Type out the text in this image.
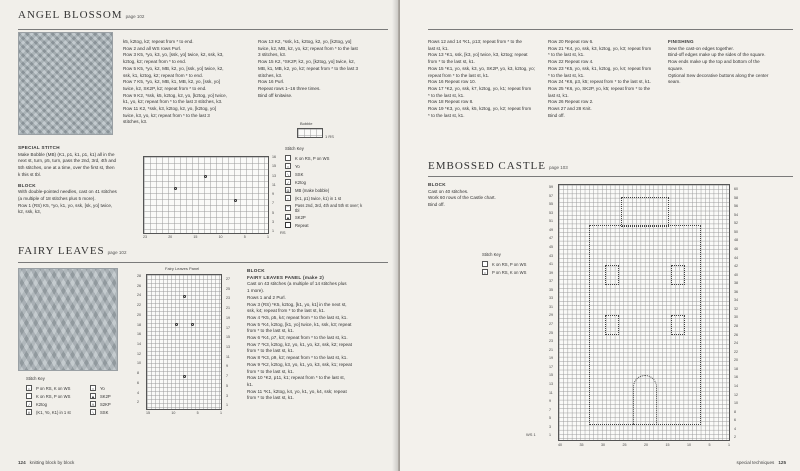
ANGEL BLOSSOM page 102

SPECIAL STITCH

Make Bobble (MB) (K1, p1, k1, p1, k1) all in the next st, turn, p5, turn, pass the 2nd, 3rd, 4th and 5th stitches, one at a time, over the first st, then k this st tbl.

BLOCK

With double-pointed needles, cast on 41 stitches (a multiple of 18 stitches plus 5 more).

Row 1 (RS) K5, *yo, k1, yo, ssk, [sk, yo] twice, k2, ssk, k3,

k5, k2tog, k2; repeat from * to end.

Row 2 and all WS rows Purl.

Row 3 K5, *yo, k3, yo, [ssk, yo] twice, k2, ssk, k3,

k2tog, k2; repeat from * to end.

Row 5 K5, *yo, k2, MB, k2, yo, [ssk, yo] twice, k2,

ssk, k1, k2tog, k2; repeat from * to end.

Row 7 K5, *yo, k2, MB, k1, MB, k2, yo, [ssk, yo]

twice, k2, SK2P, k2; repeat from * to end.

Row 9 K2, *ssk, k5, k2tog, k2, yo, [k2tog, yo] twice,

k1, yo, k2; repeat from * to the last 3 stitches, k3.

Row 11 K2, *ssk, k3, k2tog, k2, yo, [k2tog, yo]

twice, k3, yo, k2; repeat from * to the last 3

stitches, k3.

Row 13 K2, *ssk, k1, k2tog, k2, yo, [k2tog, yo]

twice, k2, MB, k2, yo, k2; repeat from * to the last

3 stitches, k3.

Row 15 K2, *SK2P, k2, yo, [k2tog, yo] twice, k2,

MB, k1, MB, k2, yo, k2; repeat from * to the last 3

stitches, k3.

Row 16 Purl.

Repeat rows 1–16 three times.

Bind off knitwise.

16
15
13
11
9
7
5
3
1
23	20	15	10	5	1
RS
Bobble
1 RS
Stitch Key
K on RS, P on WS
○	Yo
\	SSK
/	K2tog
◘	MB (make bobble)
▫	(K1, p1) twice, k1) in 1 st
⌒
Pass 2nd, 3rd, 4th and 5th st over; k tbl
▲ SK2P
Repeat
FAIRY LEAVES page 102
Fairy Leaves Panel
28
26
24
22
20
18
16
14
12
10
8
6
4
2
27
25
23
21
19
17
15
13
11
9
7
5
3
1
15	10	5	1
Stitch Key
•	P on RS, K on WS
K on RS, P on WS
/	K2tog
∨	(K1, Yo, K1) in 1 st
○	Yo
▲ SK2P
Λ	S2KP
\	SSK

BLOCK

FAIRY LEAVES PANEL (make 2)

Cast on 43 stitches (a multiple of 14 stitches plus

1 more).

Rows 1 and 2 Purl.

Row 3 (RS) *K5, k2tog, [k1, yo, k1] in the next st,

ssk, k4; repeat from * to the last st, k1.

Row 4 *K5, p5, k4; repeat from * to the last st, k1.

Row 5 *K4, k2tog, [k1, yo] twice, k1, ssk, k3; repeat

from * to the last st, k1.

Row 6 *K4, p7, k3; repeat from * to the last st, k1.

Row 7 *K3, k2tog, k2, yo, k1, yo, k2, ssk, k2; repeat

from * to the last st, k1.

Row 8 *K3, p9, k2; repeat from * to the last st, k1.

Row 9 *K2, k2tog, k3, yo, k1, yo, k3, ssk, k1; repeat

from * to the last st, k1.

Row 10 *K2, p11, k1; repeat from * to the last st,

k1.

Row 11 *K1, k2tog, k4, yo, k1, yo, k4, ssk; repeat

from * to the last st, k1.

124 knitting block by block

Rows 12 and 14 *K1, p13; repeat from * to the

last st, k1.

Row 13 *K1, ssk, [k3, yo] twice, k3, k2tog; repeat

from * to the last st, k1.

Row 15 *K1, yo, ssk, k3, yo, SK2P, yo, k3, k2tog, yo;

repeat from * to the last st, k1.

Row 16 Repeat row 10.

Row 17 *K2, yo, ssk, k7, k2tog, yo, k1; repeat from

* to the last st, k1.

Row 18 Repeat row 8.

Row 19 *K3, yo, ssk, k5, k2tog, yo, k2; repeat from

* to the last st, k1.

Row 20 Repeat row 6.

Row 21 *K4, yo, ssk, k3, k2tog, yo, k3; repeat from

* to the last st, k1.

Row 22 Repeat row 4.

Row 23 *K5, yo, ssk, k1, k2tog, yo, k4; repeat from

* to the last st, k1.

Row 24 *K6, p3, k5; repeat from * to the last st, k1.

Row 25 *K6, yo, SK2P, yo, k5; repeat from * to the

last st, k1.

Row 26 Repeat row 2.

Rows 27 and 28 Knit.

Bind off.

FINISHING

Sew the cast-on edges together.

Bind-off edges make up the sides of the square.

Row ends make up the top and bottom of the

square.

Optional Sew decorative buttons along the center

seam.

EMBOSSED CASTLE page 103

BLOCK

Cast on 40 stitches.

Work 60 rows of the Castle chart.

Bind off.

Stitch Key
K on RS, P on WS
•	P on RS, K on WS
59
57
55
53
51
49
47
45
43
41
39
37
35
33
31
29
27
25
23
21
19
17
15
13
11
9
7
5
3
1
60
58
56
54
52
50
48
46
44
42
40
38
36
34
32
30
28
26
24
22
20
18
16
14
12
10
8
6
4
2
WS 1
40	35	30	25	20	15	10	5	1
special techniques 125
